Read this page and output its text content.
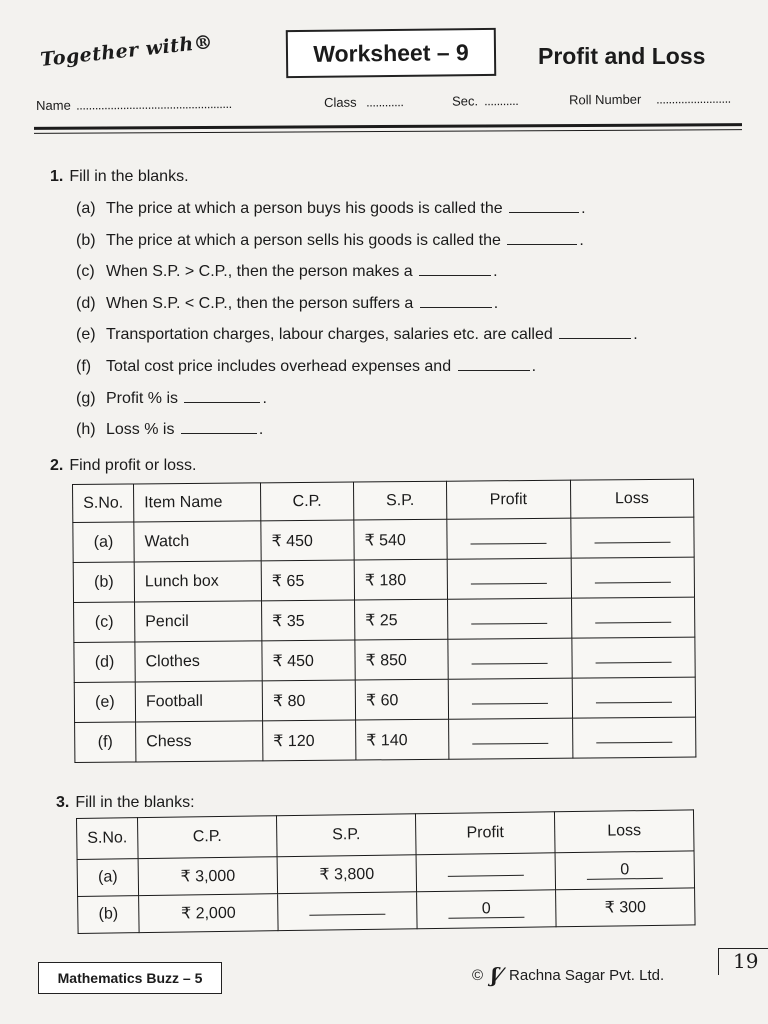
Together with®	Worksheet – 9	Profit and Loss
Name ..................................................	Class ............	Sec. ...........	Roll Number ........................
1. Fill in the blanks.
(a) The price at which a person buys his goods is called the
	.
(b) The price at which a person sells his goods is called the
	.
(c) When S.P. > C.P., then the person makes a
	.
(d) When S.P. < C.P., then the person suffers a
	.
(e) Transportation charges, labour charges, salaries etc. are called
	.
(f) Total cost price includes overhead expenses and
	.
(g) Profit % is
	.
(h) Loss % is
	.
2. Find profit or loss.
S.No.	Item Name	C.P.	S.P.	Profit	Loss
(a)	Watch	₹ 450	₹ 540		
(b)	Lunch box	₹ 65	₹ 180		
(c)	Pencil	₹ 35	₹ 25		
(d)	Clothes	₹ 450	₹ 850		
(e)	Football	₹ 80	₹ 60		
(f)	Chess	₹ 120	₹ 140		
3. Fill in the blanks:
S.No.	C.P.	S.P.	Profit	Loss
(a)	₹ 3,000	₹ 3,800		0
(b)	₹ 2,000		0	₹ 300
Mathematics Buzz – 5	© ʃ⁄ Rachna Sagar Pvt. Ltd.
19
